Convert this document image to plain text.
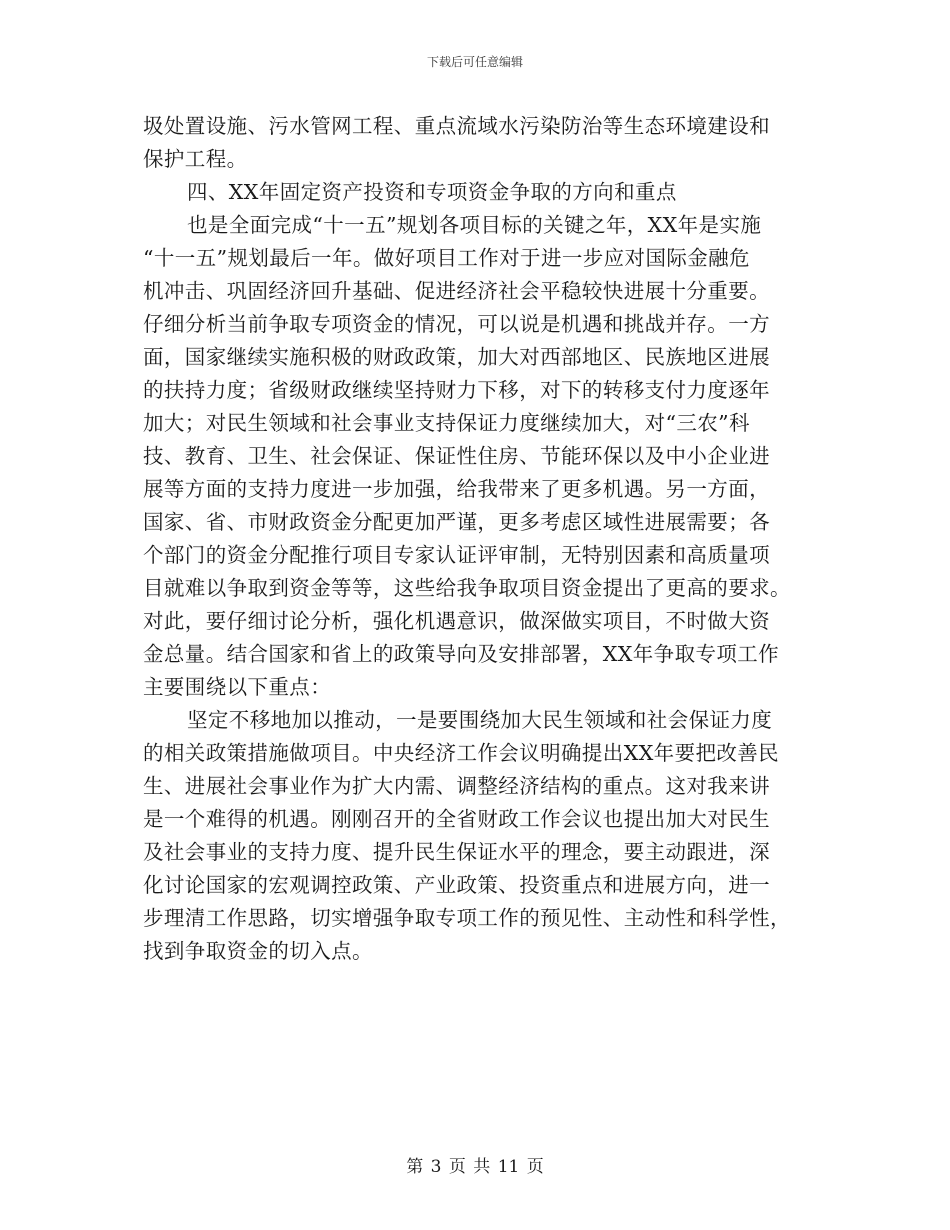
下载后可任意编辑
圾处置设施、污水管网工程、重点流域水污染防治等生态环境建设和
保护工程。
四、XX年固定资产投资和专项资金争取的方向和重点
也是全面完成“十一五”规划各项目标的关键之年，XX年是实施
“十一五”规划最后一年。做好项目工作对于进一步应对国际金融危
机冲击、巩固经济回升基础、促进经济社会平稳较快进展十分重要。
仔细分析当前争取专项资金的情况，可以说是机遇和挑战并存。一方
面，国家继续实施积极的财政政策，加大对西部地区、民族地区进展
的扶持力度；省级财政继续坚持财力下移，对下的转移支付力度逐年
加大；对民生领域和社会事业支持保证力度继续加大，对“三农”科
技、教育、卫生、社会保证、保证性住房、节能环保以及中小企业进
展等方面的支持力度进一步加强，给我带来了更多机遇。另一方面，
国家、省、市财政资金分配更加严谨，更多考虑区域性进展需要；各
个部门的资金分配推行项目专家认证评审制，无特别因素和高质量项
目就难以争取到资金等等，这些给我争取项目资金提出了更高的要求。
对此，要仔细讨论分析，强化机遇意识，做深做实项目，不时做大资
金总量。结合国家和省上的政策导向及安排部署，XX年争取专项工作
主要围绕以下重点：
坚定不移地加以推动，一是要围绕加大民生领域和社会保证力度
的相关政策措施做项目。中央经济工作会议明确提出XX年要把改善民
生、进展社会事业作为扩大内需、调整经济结构的重点。这对我来讲
是一个难得的机遇。刚刚召开的全省财政工作会议也提出加大对民生
及社会事业的支持力度、提升民生保证水平的理念，要主动跟进，深
化讨论国家的宏观调控政策、产业政策、投资重点和进展方向，进一
步理清工作思路，切实增强争取专项工作的预见性、主动性和科学性，
找到争取资金的切入点。
第 3 页 共 11 页
